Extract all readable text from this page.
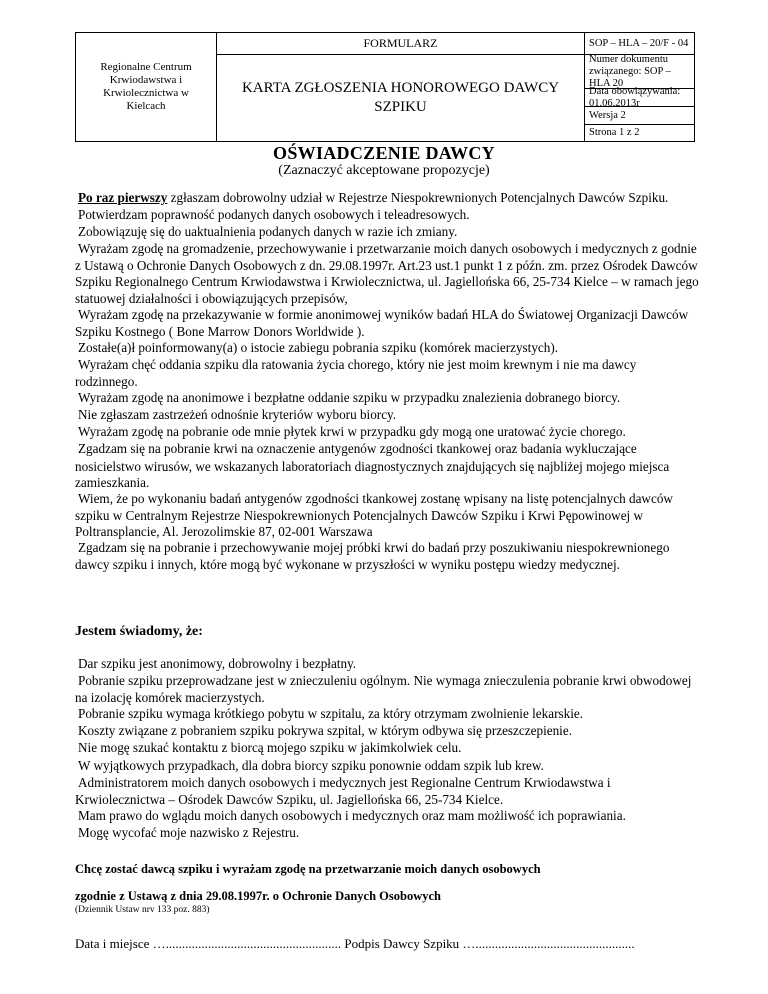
Regionalne Centrum Krwiodawstwa i Krwiolecznictwa w Kielcach
FORMULARZ
KARTA ZGŁOSZENIA HONOROWEGO DAWCY SZPIKU
SOP – HLA – 20/F - 04
Numer dokumentu związanego: SOP – HLA 20
Data obowiązywania: 01.06.2013r
Wersja 2
Strona 1 z 2
OŚWIADCZENIE DAWCY
(Zaznaczyć akceptowane propozycje)

Po raz pierwszy zgłaszam dobrowolny udział w Rejestrze Niespokrewnionych Potencjalnych Dawców Szpiku.

Potwierdzam poprawność podanych danych osobowych i teleadresowych.

Zobowiązuję się do uaktualnienia podanych danych w razie ich zmiany.

Wyrażam zgodę na gromadzenie, przechowywanie i przetwarzanie moich danych osobowych i medycznych z godnie z Ustawą o Ochronie Danych Osobowych z dn. 29.08.1997r. Art.23 ust.1 punkt 1 z późn. zm. przez Ośrodek Dawców Szpiku Regionalnego Centrum Krwiodawstwa i Krwiolecznictwa, ul. Jagiellońska 66, 25-734 Kielce – w ramach jego statuowej działalności i obowiązujących przepisów,

Wyrażam zgodę na przekazywanie w formie anonimowej wyników badań HLA do Światowej Organizacji Dawców Szpiku Kostnego ( Bone Marrow Donors Worldwide ).

Zostałe(a)ł poinformowany(a) o istocie zabiegu pobrania szpiku (komórek macierzystych).

Wyrażam chęć oddania szpiku dla ratowania życia chorego, który nie jest moim krewnym i nie ma dawcy rodzinnego.

Wyrażam zgodę na anonimowe i bezpłatne oddanie szpiku w przypadku znalezienia dobranego biorcy.

Nie zgłaszam zastrzeżeń odnośnie kryteriów wyboru biorcy.

Wyrażam zgodę na pobranie ode mnie płytek krwi w przypadku gdy mogą one uratować życie chorego.

Zgadzam się na pobranie krwi na oznaczenie antygenów zgodności tkankowej oraz badania wykluczające nosicielstwo wirusów, we wskazanych laboratoriach diagnostycznych znajdujących się najbliżej mojego miejsca zamieszkania.

Wiem, że po wykonaniu badań antygenów zgodności tkankowej zostanę wpisany na listę potencjalnych dawców szpiku w Centralnym Rejestrze Niespokrewnionych Potencjalnych Dawców Szpiku i Krwi Pępowinowej w Poltransplancie, Al. Jerozolimskie 87, 02-001 Warszawa

Zgadzam się na pobranie i przechowywanie mojej próbki krwi do badań przy poszukiwaniu niespokrewnionego dawcy szpiku i innych, które mogą być wykonane w przyszłości w wyniku postępu wiedzy medycznej.

Jestem świadomy, że:

Dar szpiku jest anonimowy, dobrowolny i bezpłatny.

Pobranie szpiku przeprowadzane jest w znieczuleniu ogólnym. Nie wymaga znieczulenia pobranie krwi obwodowej na izolację komórek macierzystych.

Pobranie szpiku wymaga krótkiego pobytu w szpitalu, za który otrzymam zwolnienie lekarskie.

Koszty związane z pobraniem szpiku pokrywa szpital, w którym odbywa się przeszczepienie.

Nie mogę szukać kontaktu z biorcą mojego szpiku w jakimkolwiek celu.

W wyjątkowych przypadkach, dla dobra biorcy szpiku ponownie oddam szpik lub krew.

Administratorem moich danych osobowych i medycznych jest Regionalne Centrum Krwiodawstwa i Krwiolecznictwa – Ośrodek Dawców Szpiku, ul. Jagiellońska 66, 25-734 Kielce.

Mam prawo do wglądu moich danych osobowych i medycznych oraz mam możliwość ich poprawiania.

Mogę wycofać moje nazwisko z Rejestru.

Chcę zostać dawcą szpiku i wyrażam zgodę na przetwarzanie moich danych osobowych
zgodnie z Ustawą z dnia 29.08.1997r. o Ochronie Danych Osobowych
(Dziennik Ustaw nrv 133 poz. 883)
Data i miejsce …...................................................... Podpis Dawcy Szpiku ….................................................
